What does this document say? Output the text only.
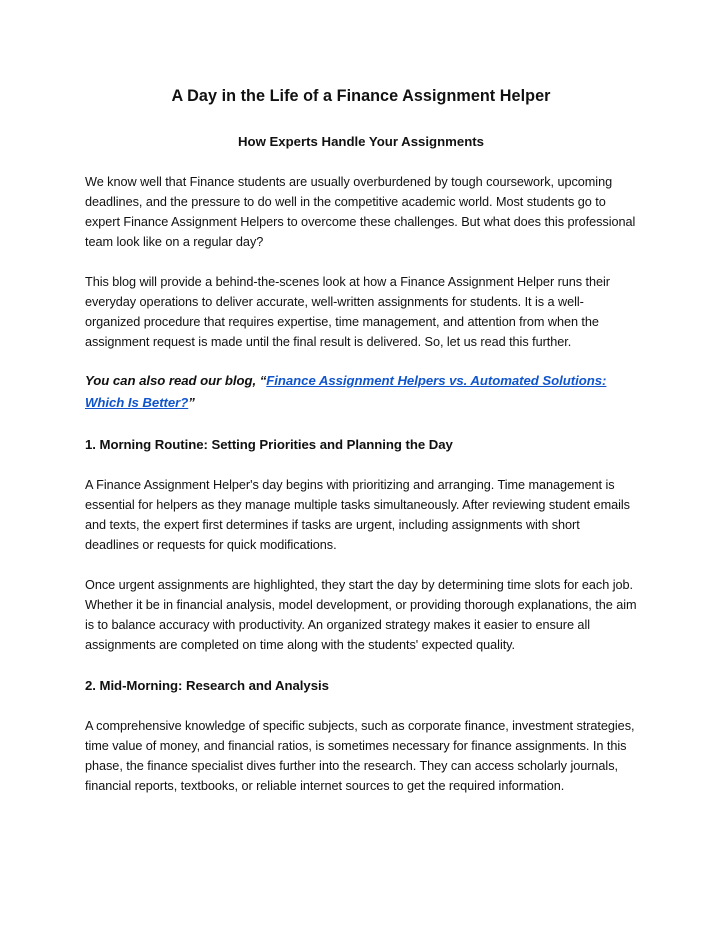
A Day in the Life of a Finance Assignment Helper
How Experts Handle Your Assignments

We know well that Finance students are usually overburdened by tough coursework, upcoming deadlines, and the pressure to do well in the competitive academic world. Most students go to expert Finance Assignment Helpers to overcome these challenges. But what does this professional team look like on a regular day?

This blog will provide a behind-the-scenes look at how a Finance Assignment Helper runs their everyday operations to deliver accurate, well-written assignments for students. It is a well-organized procedure that requires expertise, time management, and attention from when the assignment request is made until the final result is delivered. So, let us read this further.

You can also read our blog, “Finance Assignment Helpers vs. Automated Solutions: Which Is Better?”

1. Morning Routine: Setting Priorities and Planning the Day

A Finance Assignment Helper's day begins with prioritizing and arranging. Time management is essential for helpers as they manage multiple tasks simultaneously. After reviewing student emails and texts, the expert first determines if tasks are urgent, including assignments with short deadlines or requests for quick modifications.

Once urgent assignments are highlighted, they start the day by determining time slots for each job. Whether it be in financial analysis, model development, or providing thorough explanations, the aim is to balance accuracy with productivity. An organized strategy makes it easier to ensure all assignments are completed on time along with the students' expected quality.

2. Mid-Morning: Research and Analysis

A comprehensive knowledge of specific subjects, such as corporate finance, investment strategies, time value of money, and financial ratios, is sometimes necessary for finance assignments. In this phase, the finance specialist dives further into the research. They can access scholarly journals, financial reports, textbooks, or reliable internet sources to get the required information.
